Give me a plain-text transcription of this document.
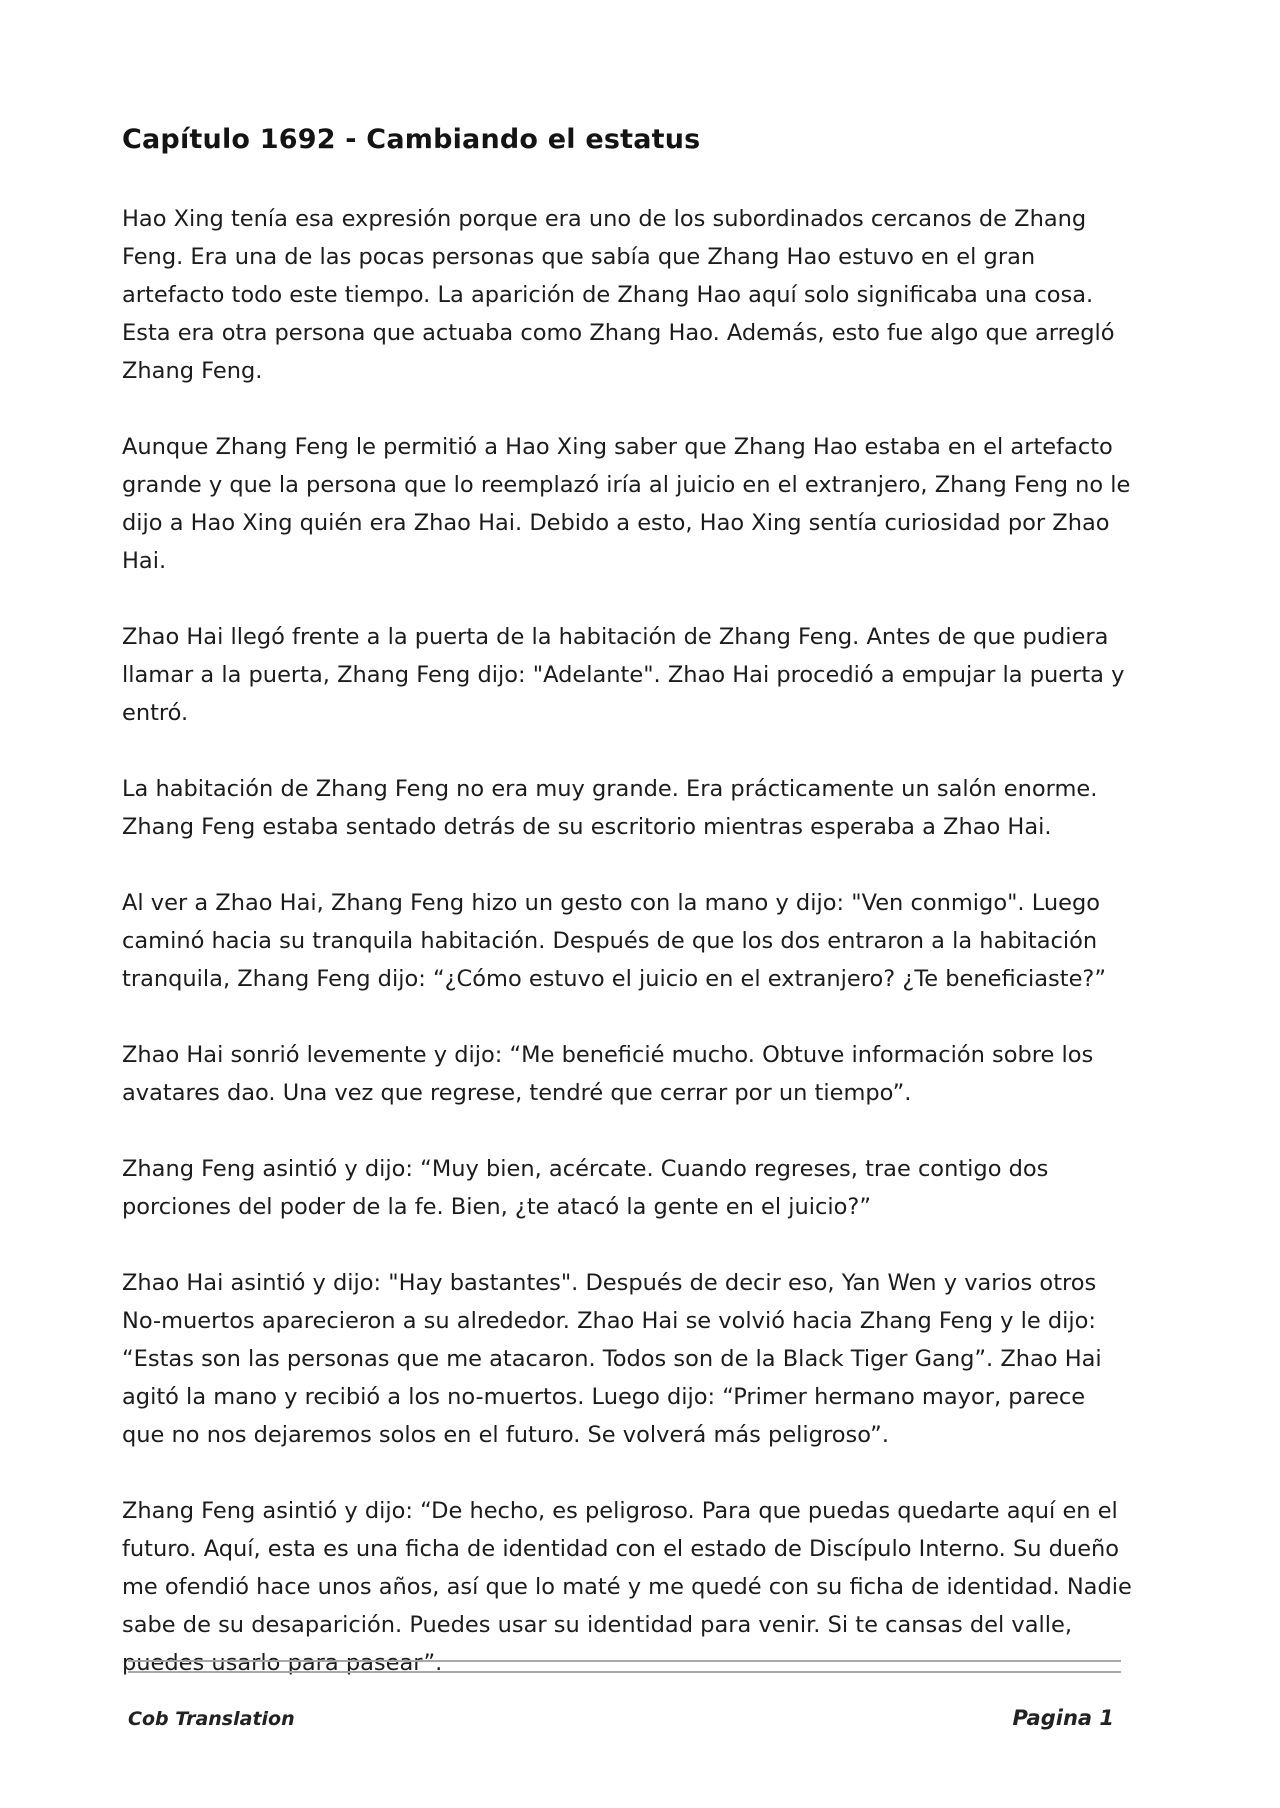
Capítulo 1692 - Cambiando el estatus

Hao Xing tenía esa expresión porque era uno de los subordinados cercanos de Zhang Feng. Era una de las pocas personas que sabía que Zhang Hao estuvo en el gran artefacto todo este tiempo. La aparición de Zhang Hao aquí solo significaba una cosa. Esta era otra persona que actuaba como Zhang Hao. Además, esto fue algo que arregló Zhang Feng.

Aunque Zhang Feng le permitió a Hao Xing saber que Zhang Hao estaba en el artefacto grande y que la persona que lo reemplazó iría al juicio en el extranjero, Zhang Feng no le dijo a Hao Xing quién era Zhao Hai. Debido a esto, Hao Xing sentía curiosidad por Zhao Hai.

Zhao Hai llegó frente a la puerta de la habitación de Zhang Feng. Antes de que pudiera llamar a la puerta, Zhang Feng dijo: "Adelante". Zhao Hai procedió a empujar la puerta y entró.

La habitación de Zhang Feng no era muy grande. Era prácticamente un salón enorme. Zhang Feng estaba sentado detrás de su escritorio mientras esperaba a Zhao Hai.

Al ver a Zhao Hai, Zhang Feng hizo un gesto con la mano y dijo: "Ven conmigo". Luego caminó hacia su tranquila habitación. Después de que los dos entraron a la habitación tranquila, Zhang Feng dijo: “¿Cómo estuvo el juicio en el extranjero? ¿Te beneficiaste?”

Zhao Hai sonrió levemente y dijo: “Me beneficié mucho. Obtuve información sobre los avatares dao. Una vez que regrese, tendré que cerrar por un tiempo”.

Zhang Feng asintió y dijo: “Muy bien, acércate. Cuando regreses, trae contigo dos porciones del poder de la fe. Bien, ¿te atacó la gente en el juicio?”

Zhao Hai asintió y dijo: "Hay bastantes". Después de decir eso, Yan Wen y varios otros No-muertos aparecieron a su alrededor. Zhao Hai se volvió hacia Zhang Feng y le dijo: “Estas son las personas que me atacaron. Todos son de la Black Tiger Gang”. Zhao Hai agitó la mano y recibió a los no-muertos. Luego dijo: “Primer hermano mayor, parece que no nos dejaremos solos en el futuro. Se volverá más peligroso”.

Zhang Feng asintió y dijo: “De hecho, es peligroso. Para que puedas quedarte aquí en el futuro. Aquí, esta es una ficha de identidad con el estado de Discípulo Interno. Su dueño me ofendió hace unos años, así que lo maté y me quedé con su ficha de identidad. Nadie sabe de su desaparición. Puedes usar su identidad para venir. Si te cansas del valle, puedes usarlo para pasear”.

Cob Translation	Pagina 1
